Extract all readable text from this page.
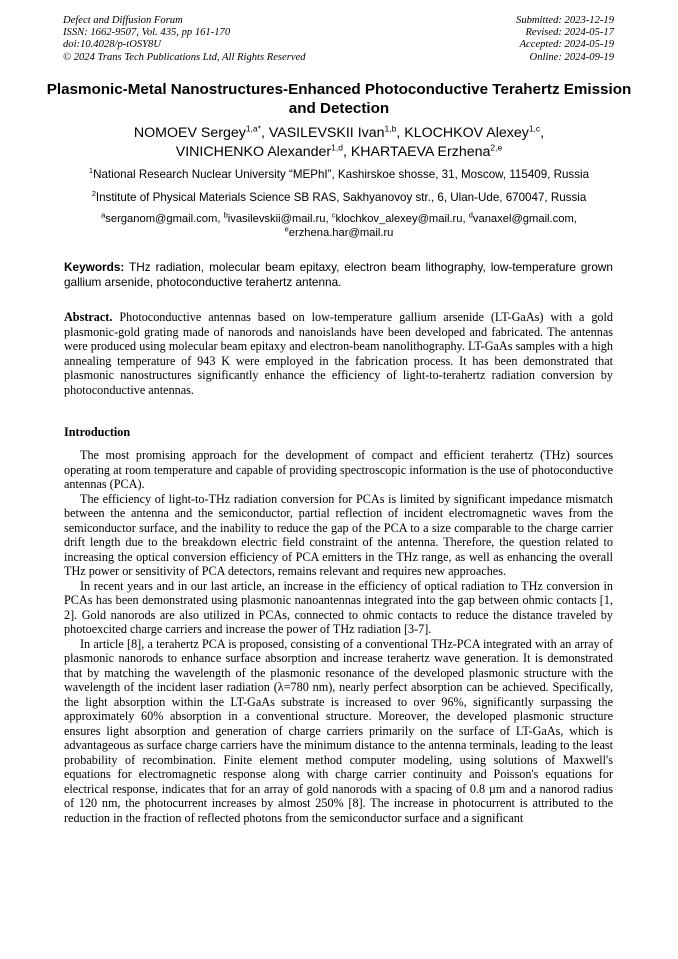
Defect and Diffusion Forum
ISSN: 1662-9507, Vol. 435, pp 161-170
doi:10.4028/p-tOSY8U
© 2024 Trans Tech Publications Ltd, All Rights Reserved
Submitted: 2023-12-19
Revised: 2024-05-17
Accepted: 2024-05-19
Online: 2024-09-19
Plasmonic-Metal Nanostructures-Enhanced Photoconductive Terahertz Emission and Detection
NOMOEV Sergey$^{1,a*}$, VASILEVSKII Ivan$^{1,b}$, KLOCHKOV Alexey$^{1,c}$,
VINICHENKO Alexander$^{1,d}$, KHARTAEVA Erzhena$^{2,e}$
$^1$National Research Nuclear University “MEPhI”, Kashirskoe shosse, 31, Moscow, 115409, Russia
$^2$Institute of Physical Materials Science SB RAS, Sakhyanovoy str., 6, Ulan-Ude, 670047, Russia
$^a$serganom@gmail.com, $^b$ivasilevskii@mail.ru, $^c$klochkov_alexey@mail.ru, $^d$vanaxel@gmail.com,
$^e$erzhena.har@mail.ru
Keywords: THz radiation, molecular beam epitaxy, electron beam lithography, low-temperature grown gallium arsenide, photoconductive terahertz antenna.
Abstract. Photoconductive antennas based on low-temperature gallium arsenide (LT-GaAs) with a gold plasmonic-gold grating made of nanorods and nanoislands have been developed and fabricated. The antennas were produced using molecular beam epitaxy and electron-beam nanolithography. LT-GaAs samples with a high annealing temperature of 943 K were employed in the fabrication process. It has been demonstrated that plasmonic nanostructures significantly enhance the efficiency of light-to-terahertz radiation conversion by photoconductive antennas.
Introduction

The most promising approach for the development of compact and efficient terahertz (THz) sources operating at room temperature and capable of providing spectroscopic information is the use of photoconductive antennas (PCA).

The efficiency of light-to-THz radiation conversion for PCAs is limited by significant impedance mismatch between the antenna and the semiconductor, partial reflection of incident electromagnetic waves from the semiconductor surface, and the inability to reduce the gap of the PCA to a size comparable to the charge carrier drift length due to the breakdown electric field constraint of the antenna. Therefore, the question related to increasing the optical conversion efficiency of PCA emitters in the THz range, as well as enhancing the overall THz power or sensitivity of PCA detectors, remains relevant and requires new approaches.

In recent years and in our last article, an increase in the efficiency of optical radiation to THz conversion in PCAs has been demonstrated using plasmonic nanoantennas integrated into the gap between ohmic contacts [1, 2]. Gold nanorods are also utilized in PCAs, connected to ohmic contacts to reduce the distance traveled by photoexcited charge carriers and increase the power of THz radiation [3-7].

In article [8], a terahertz PCA is proposed, consisting of a conventional THz-PCA integrated with an array of plasmonic nanorods to enhance surface absorption and increase terahertz wave generation. It is demonstrated that by matching the wavelength of the plasmonic resonance of the developed plasmonic structure with the wavelength of the incident laser radiation (λ=780 nm), nearly perfect absorption can be achieved. Specifically, the light absorption within the LT-GaAs substrate is increased to over 96%, significantly surpassing the approximately 60% absorption in a conventional structure. Moreover, the developed plasmonic structure ensures light absorption and generation of charge carriers primarily on the surface of LT-GaAs, which is advantageous as surface charge carriers have the minimum distance to the antenna terminals, leading to the least probability of recombination. Finite element method computer modeling, using solutions of Maxwell's equations for electromagnetic response along with charge carrier continuity and Poisson's equations for electrical response, indicates that for an array of gold nanorods with a spacing of 0.8 µm and a nanorod radius of 120 nm, the photocurrent increases by almost 250% [8]. The increase in photocurrent is attributed to the reduction in the fraction of reflected photons from the semiconductor surface and a significant
